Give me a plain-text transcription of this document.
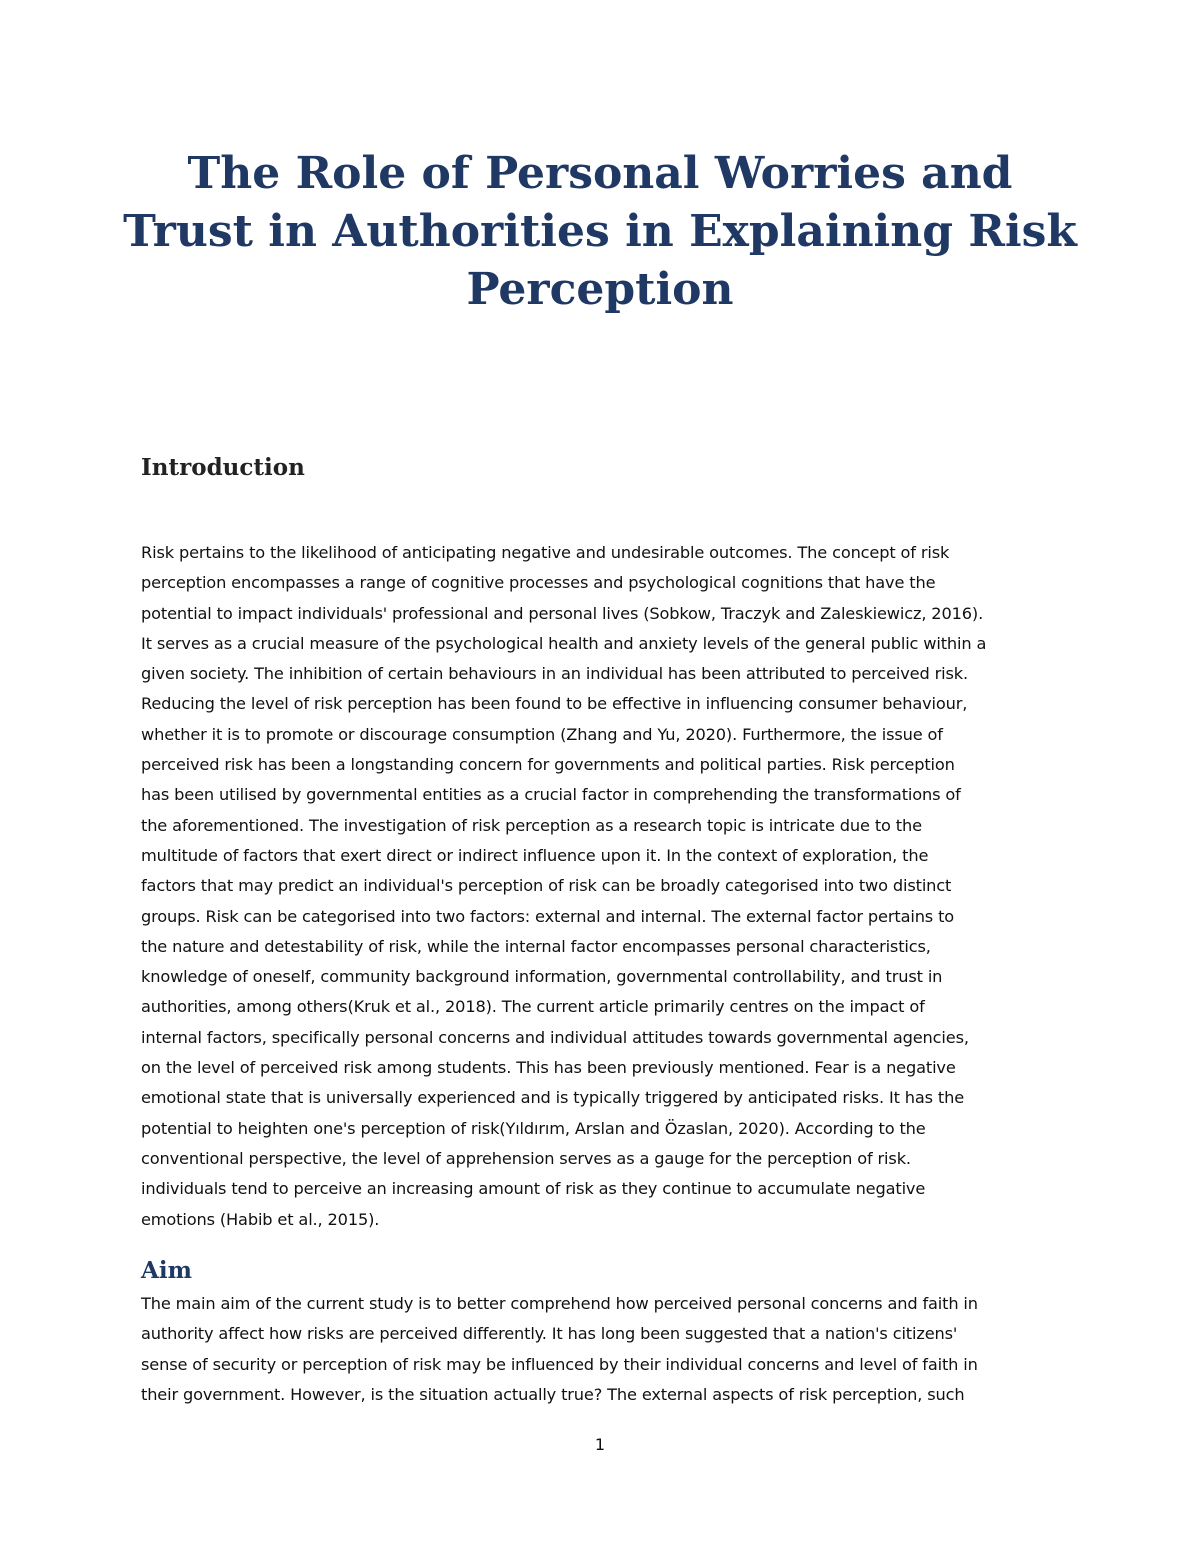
The Role of Personal Worries and
Trust in Authorities in Explaining Risk
Perception
Introduction

Risk pertains to the likelihood of anticipating negative and undesirable outcomes. The concept of risk
perception encompasses a range of cognitive processes and psychological cognitions that have the
potential to impact individuals' professional and personal lives (Sobkow, Traczyk and Zaleskiewicz, 2016).
It serves as a crucial measure of the psychological health and anxiety levels of the general public within a
given society. The inhibition of certain behaviours in an individual has been attributed to perceived risk.
Reducing the level of risk perception has been found to be effective in influencing consumer behaviour,
whether it is to promote or discourage consumption (Zhang and Yu, 2020). Furthermore, the issue of
perceived risk has been a longstanding concern for governments and political parties. Risk perception
has been utilised by governmental entities as a crucial factor in comprehending the transformations of
the aforementioned. The investigation of risk perception as a research topic is intricate due to the
multitude of factors that exert direct or indirect influence upon it. In the context of exploration, the
factors that may predict an individual's perception of risk can be broadly categorised into two distinct
groups. Risk can be categorised into two factors: external and internal. The external factor pertains to
the nature and detestability of risk, while the internal factor encompasses personal characteristics,
knowledge of oneself, community background information, governmental controllability, and trust in
authorities, among others(Kruk et al., 2018). The current article primarily centres on the impact of
internal factors, specifically personal concerns and individual attitudes towards governmental agencies,
on the level of perceived risk among students. This has been previously mentioned. Fear is a negative
emotional state that is universally experienced and is typically triggered by anticipated risks. It has the
potential to heighten one's perception of risk(Yıldırım, Arslan and Özaslan, 2020). According to the
conventional perspective, the level of apprehension serves as a gauge for the perception of risk.
individuals tend to perceive an increasing amount of risk as they continue to accumulate negative
emotions (Habib et al., 2015).

Aim

The main aim of the current study is to better comprehend how perceived personal concerns and faith in
authority affect how risks are perceived differently. It has long been suggested that a nation's citizens'
sense of security or perception of risk may be influenced by their individual concerns and level of faith in
their government. However, is the situation actually true? The external aspects of risk perception, such

1
